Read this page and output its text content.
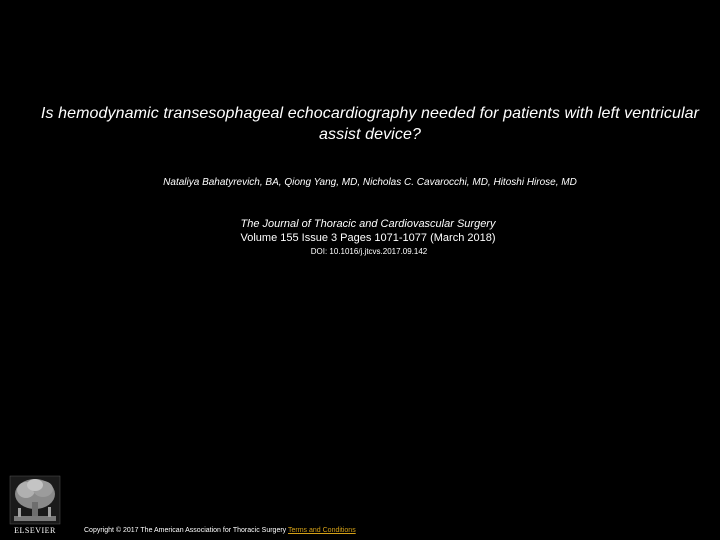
Is hemodynamic transesophageal echocardiography needed for patients with left ventricular assist device?
Nataliya Bahatyrevich, BA, Qiong Yang, MD, Nicholas C. Cavarocchi, MD, Hitoshi Hirose, MD
The Journal of Thoracic and Cardiovascular Surgery
Volume 155 Issue 3 Pages 1071-1077 (March 2018)
DOI: 10.1016/j.jtcvs.2017.09.142
ELSEVIER	Copyright © 2017 The American Association for Thoracic Surgery Terms and Conditions
